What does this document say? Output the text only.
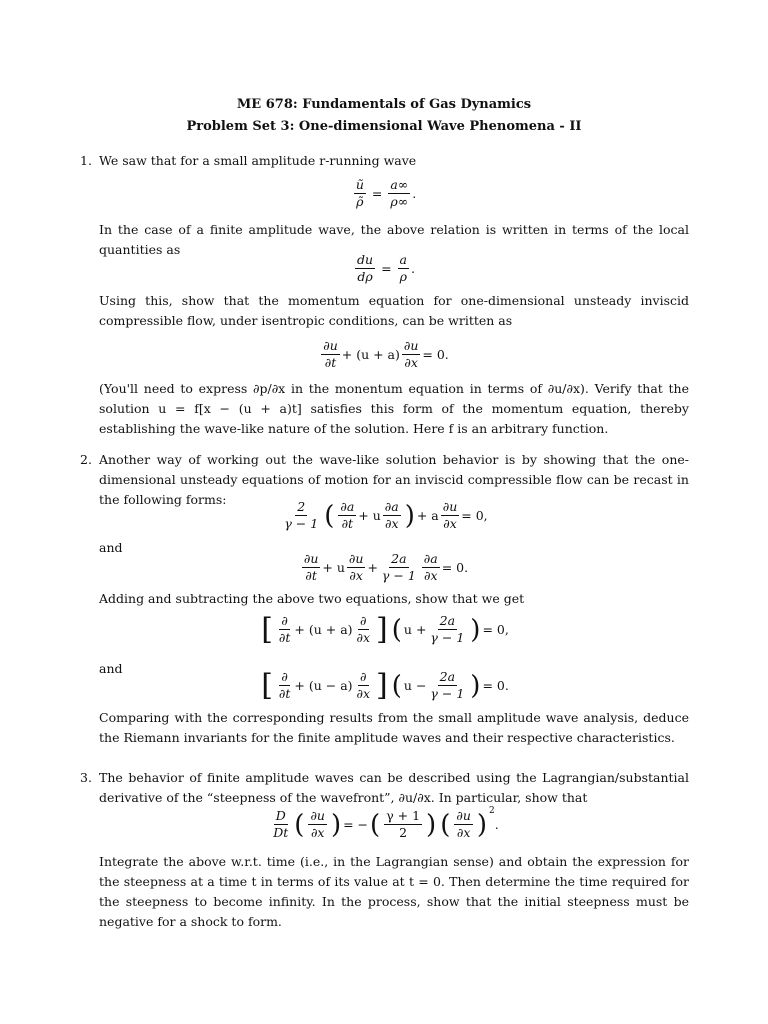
ME 678: Fundamentals of Gas Dynamics
Problem Set 3: One-dimensional Wave Phenomena - II
1. We saw that for a small amplitude r-running wave
$\frac{ũ}{\rhõ} = \frac{a\infty}{\rho\infty}$ .
In the case of a finite amplitude wave, the above relation is written in terms of the local quantities as
$\frac{du}{d\rho} = \frac{a}{\rho}$ .
Using this, show that the momentum equation for one-dimensional unsteady inviscid compressible flow, under isentropic conditions, can be written as
$\frac{\partial u}{\partial t} + (u + a) \frac{\partial u}{\partial x} = 0$.
(You'll need to express ∂p/∂x in the monentum equation in terms of ∂u/∂x). Verify that the solution u = f[x − (u + a)t] satisfies this form of the momentum equation, thereby establishing the wave-like nature of the solution. Here f is an arbitrary function.
2. Another way of working out the wave-like solution behavior is by showing that the one-dimensional unsteady equations of motion for an inviscid compressible flow can be recast in the following forms:
$\frac{2}{\gamma - 1}$ ( $\frac{\partial a}{\partial t} + u \frac{\partial a}{\partial x}$ ) + a $\frac{\partial u}{\partial x} = 0$,
and
$\frac{\partial u}{\partial t} + u \frac{\partial u}{\partial x} + \frac{2a}{\gamma - 1} \frac{\partial a}{\partial x} = 0$.
Adding and subtracting the above two equations, show that we get
[ $\frac{\partial}{\partial t} + (u + a) \frac{\partial}{\partial x}$ ] ( $u + \frac{2a}{\gamma - 1}$ ) = 0,
and	[ $\frac{\partial}{\partial t} + (u - a) \frac{\partial}{\partial x}$ ] ( $u - \frac{2a}{\gamma - 1}$ ) = 0.
Comparing with the corresponding results from the small amplitude wave analysis, deduce the Riemann invariants for the finite amplitude waves and their respective characteristics.
3. The behavior of finite amplitude waves can be described using the Lagrangian/substantial derivative of the “steepness of the wavefront”, ∂u/∂x. In particular, show that
$\frac{D}{Dt}$ ( $\frac{\partial u}{\partial x}$ ) = − ( $\frac{\gamma + 1}{2}$ ) ( $\frac{\partial u}{\partial x} )^2$
.
Integrate the above w.r.t. time (i.e., in the Lagrangian sense) and obtain the expression for the steepness at a time t in terms of its value at t = 0. Then determine the time required for the steepness to become infinity. In the process, show that the initial steepness must be negative for a shock to form.
